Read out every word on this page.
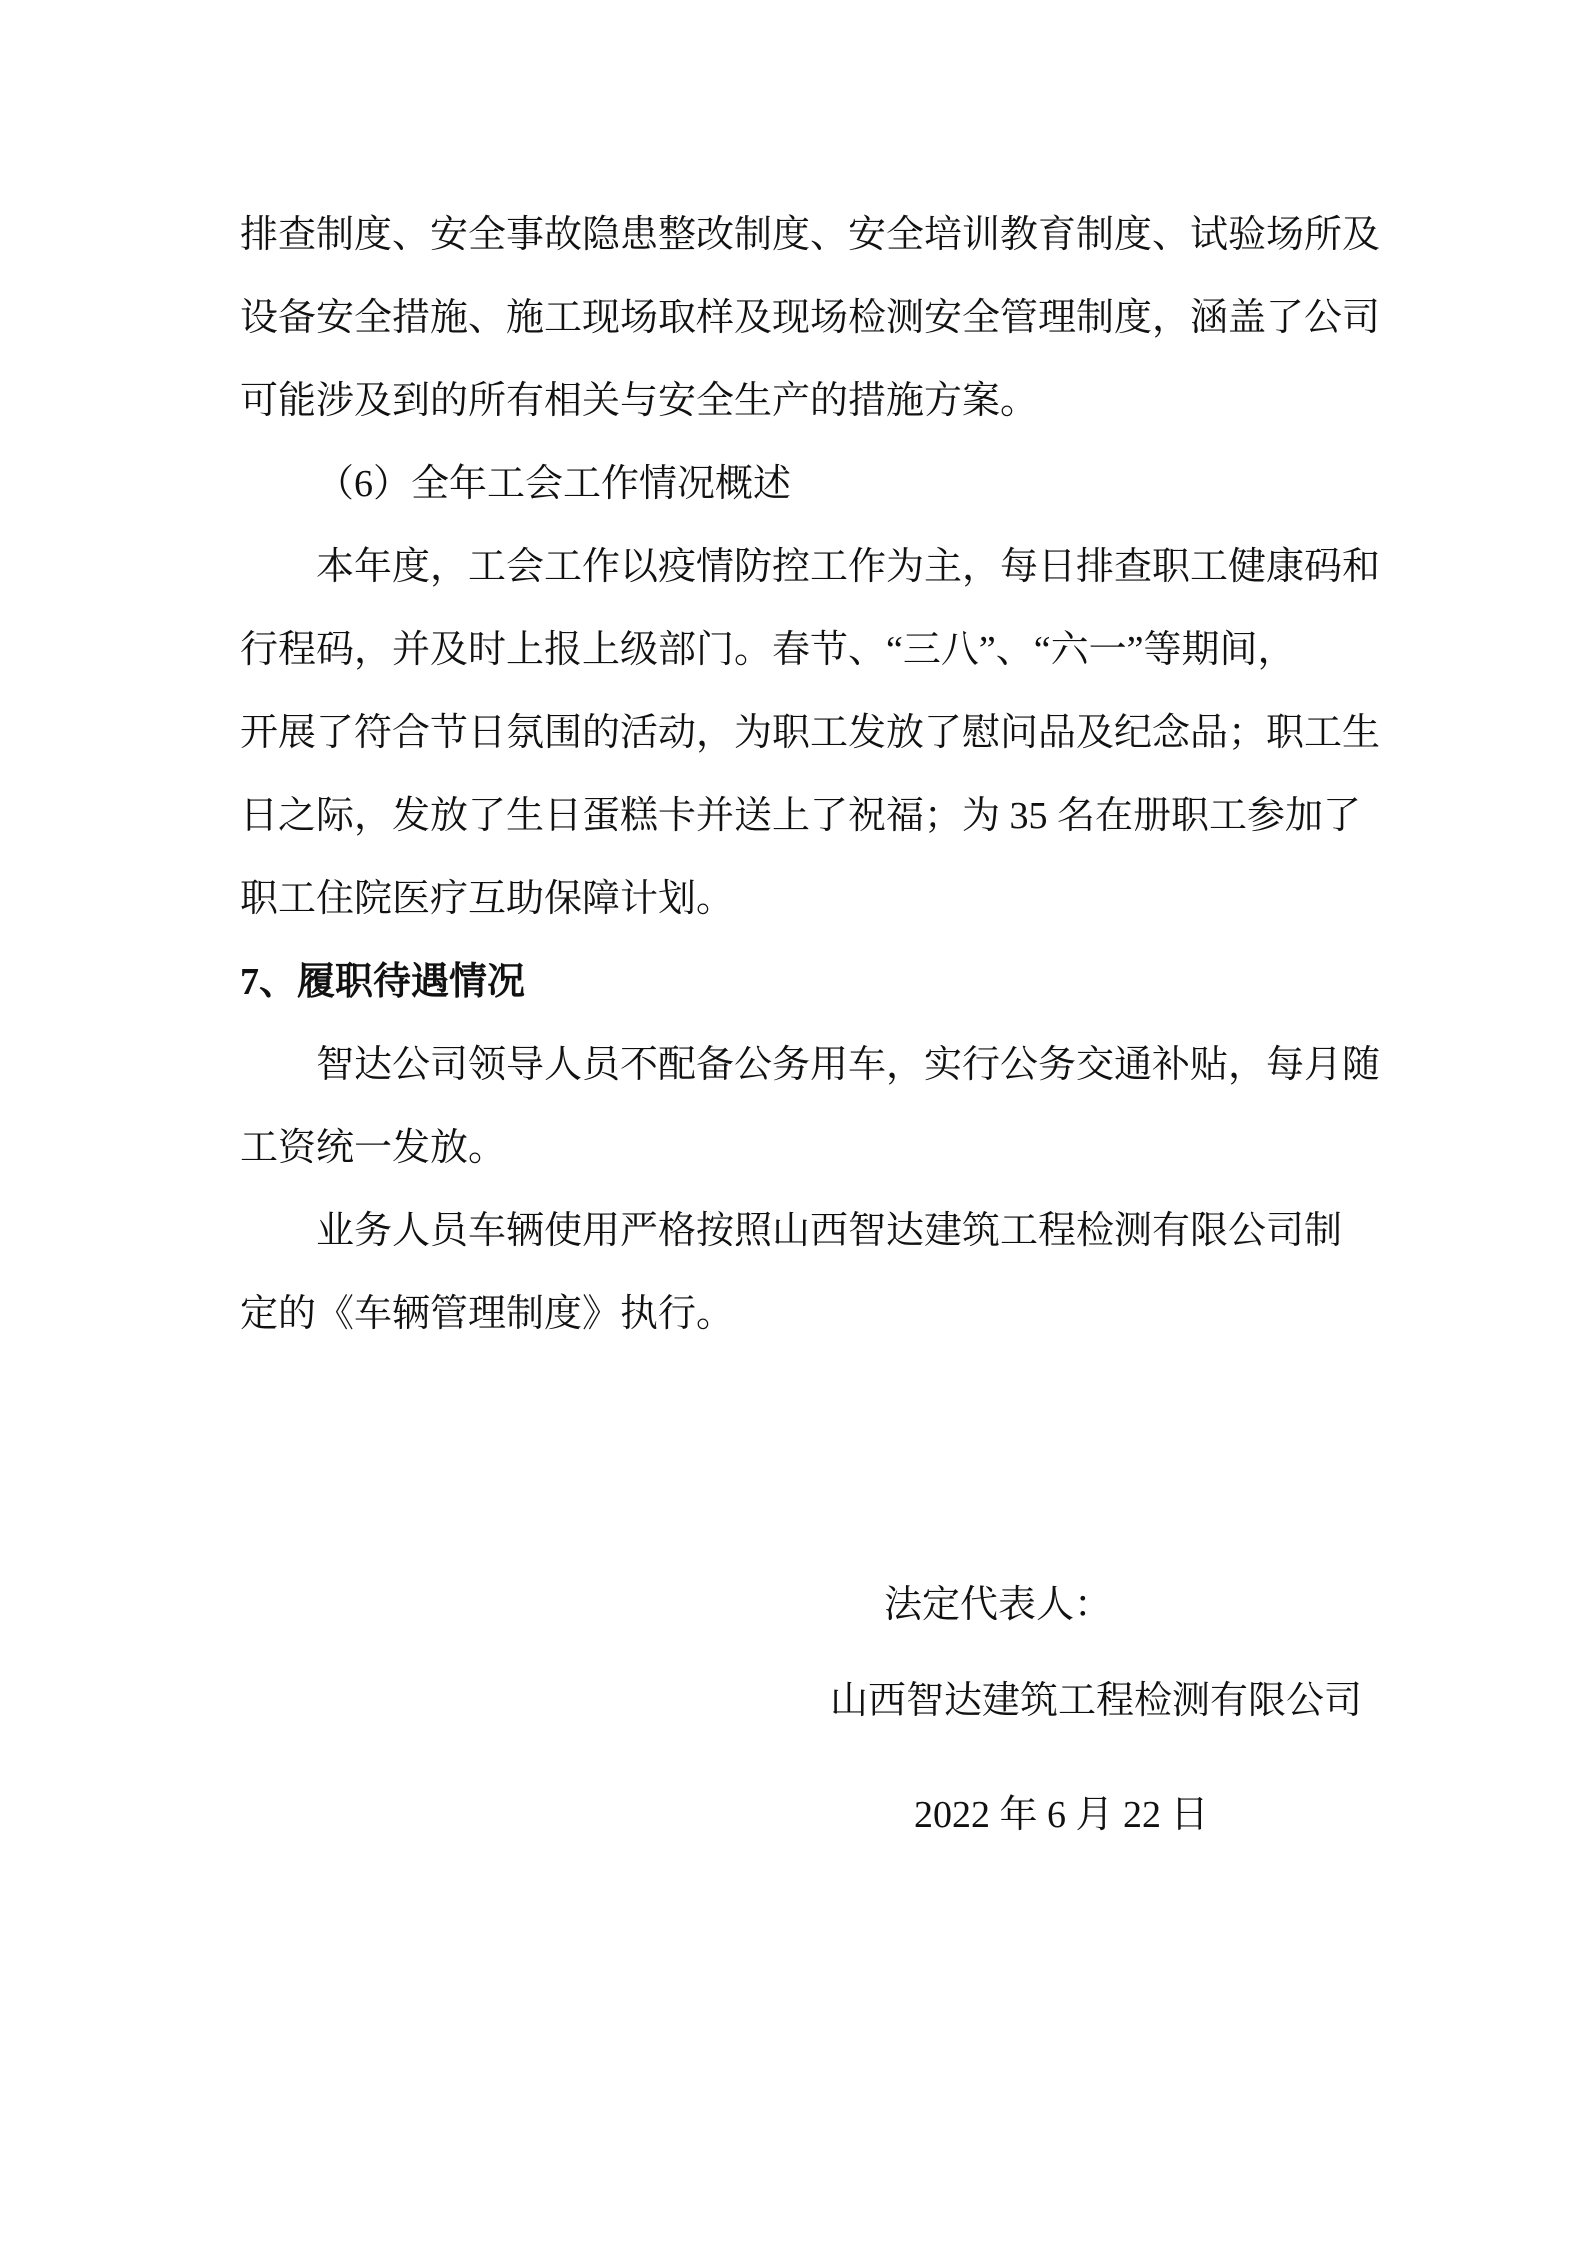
排查制度、安全事故隐患整改制度、安全培训教育制度、试验场所及
设备安全措施、施工现场取样及现场检测安全管理制度，涵盖了公司
可能涉及到的所有相关与安全生产的措施方案。
（6）全年工会工作情况概述
本年度，工会工作以疫情防控工作为主，每日排查职工健康码和
行程码，并及时上报上级部门。春节、“三八”、“六一”等期间，
开展了符合节日氛围的活动，为职工发放了慰问品及纪念品；职工生
日之际，发放了生日蛋糕卡并送上了祝福；为 35 名在册职工参加了
职工住院医疗互助保障计划。
7、履职待遇情况
智达公司领导人员不配备公务用车，实行公务交通补贴，每月随
工资统一发放。
业务人员车辆使用严格按照山西智达建筑工程检测有限公司制
定的《车辆管理制度》执行。
法定代表人：
山西智达建筑工程检测有限公司
2022 年 6 月 22 日
